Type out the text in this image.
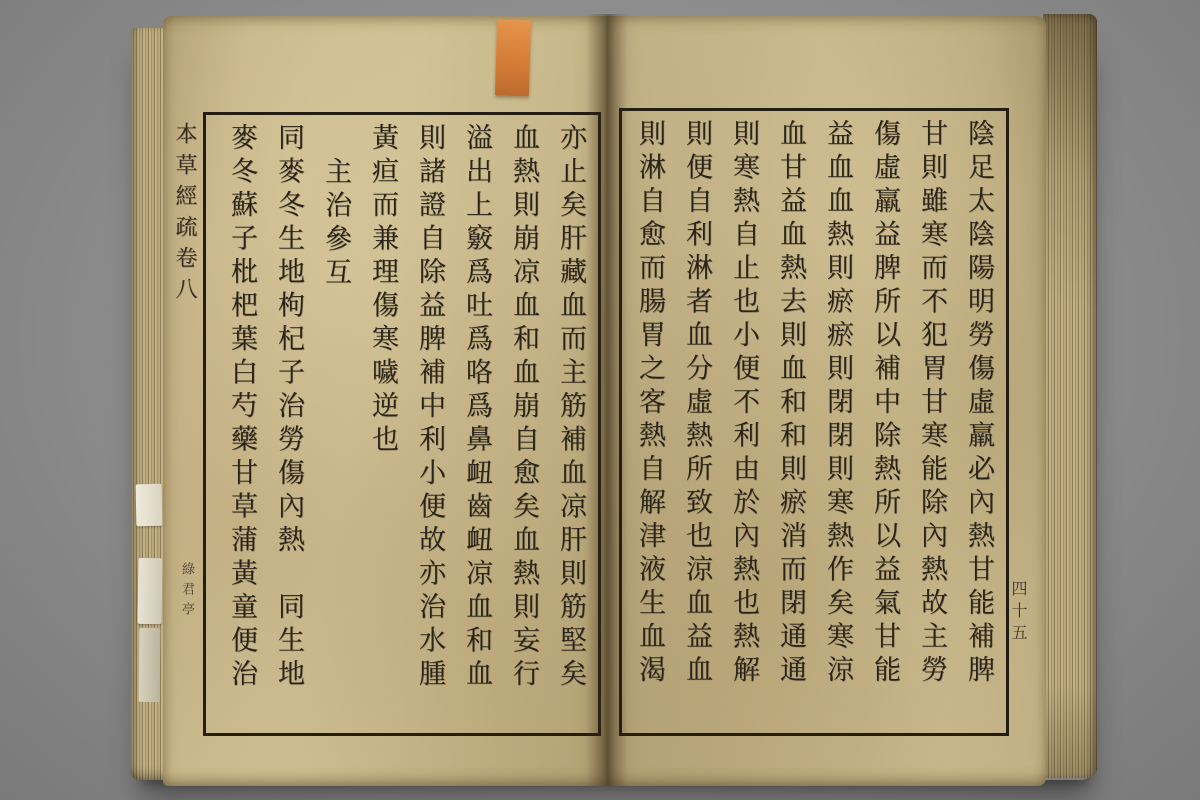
本草經疏卷八
綠君亭	亦止矣肝藏血而主筋補血凉肝則筋堅矣
血熱則崩凉血和血崩自愈矣血熱則妄行
溢出上竅爲吐爲咯爲鼻衄齒衄凉血和血
則諸證自除益脾補中利小便故亦治水腫
黃疸而兼理傷寒噦逆也
主治參互
同麥冬生地枸杞子治勞傷內熱　同生地
麥冬蘇子枇杷葉白芍藥甘草蒲黃童便治	陰足太陰陽明勞傷虛羸必內熱甘能補脾
甘則雖寒而不犯胃甘寒能除內熱故主勞
傷虛羸益脾所以補中除熱所以益氣甘能
益血血熱則瘀瘀則閉閉則寒熱作矣寒涼
血甘益血熱去則血和和則瘀消而閉通通
則寒熱自止也小便不利由於內熱也熱解
則便自利淋者血分虛熱所致也涼血益血
則淋自愈而腸胃之客熱自解津液生血渴	四十五
